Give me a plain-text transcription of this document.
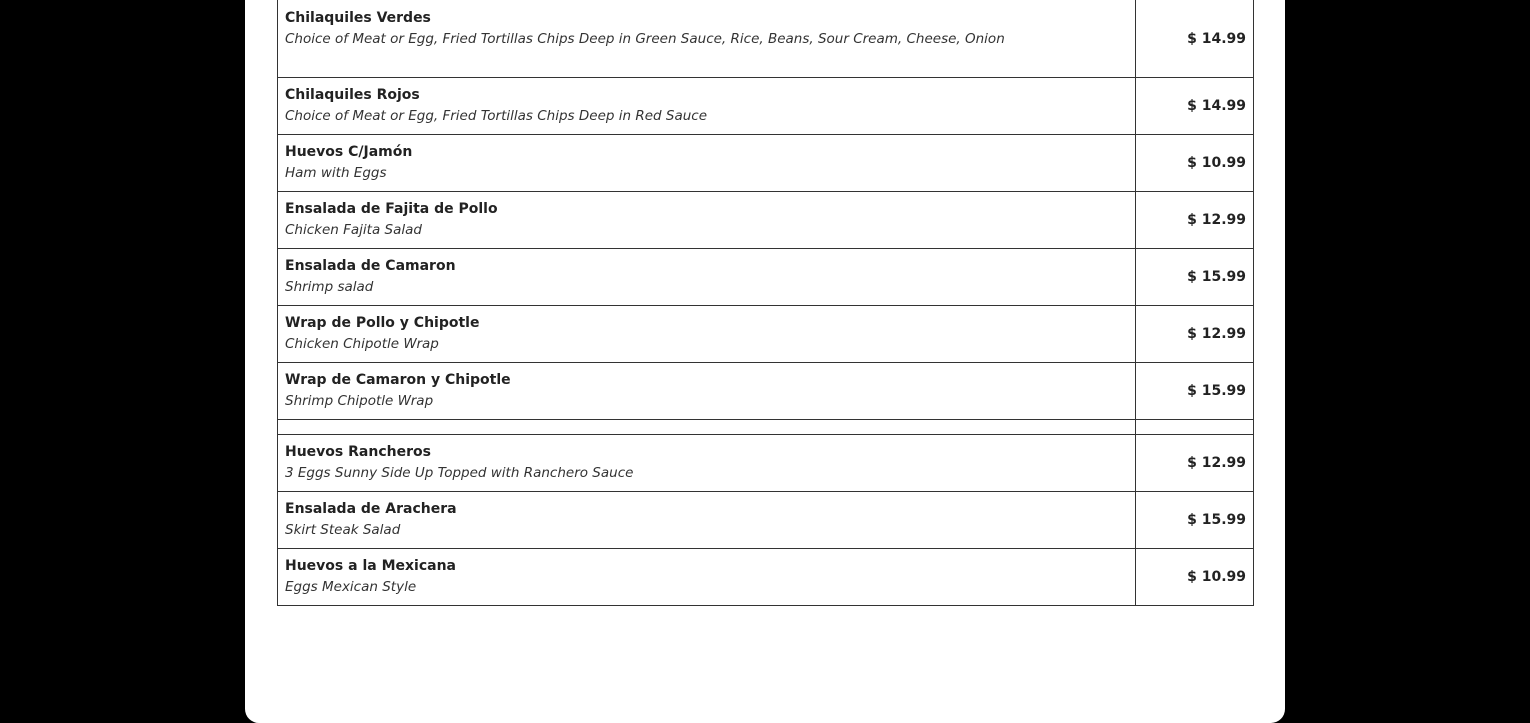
Chilaquiles Verdes
Choice of Meat or Egg, Fried Tortillas Chips Deep in Green Sauce, Rice, Beans, Sour Cream, Cheese, Onion	$ 14.99

Chilaquiles Rojos
Choice of Meat or Egg, Fried Tortillas Chips Deep in Red Sauce	$ 14.99

Huevos C/Jamón
Ham with Eggs	$ 10.99

Ensalada de Fajita de Pollo
Chicken Fajita Salad	$ 12.99

Ensalada de Camaron
Shrimp salad	$ 15.99

Wrap de Pollo y Chipotle
Chicken Chipotle Wrap	$ 12.99

Wrap de Camaron y Chipotle
Shrimp Chipotle Wrap	$ 15.99

Huevos Rancheros
3 Eggs Sunny Side Up Topped with Ranchero Sauce	$ 12.99

Ensalada de Arachera
Skirt Steak Salad	$ 15.99

Huevos a la Mexicana
Eggs Mexican Style	$ 10.99
